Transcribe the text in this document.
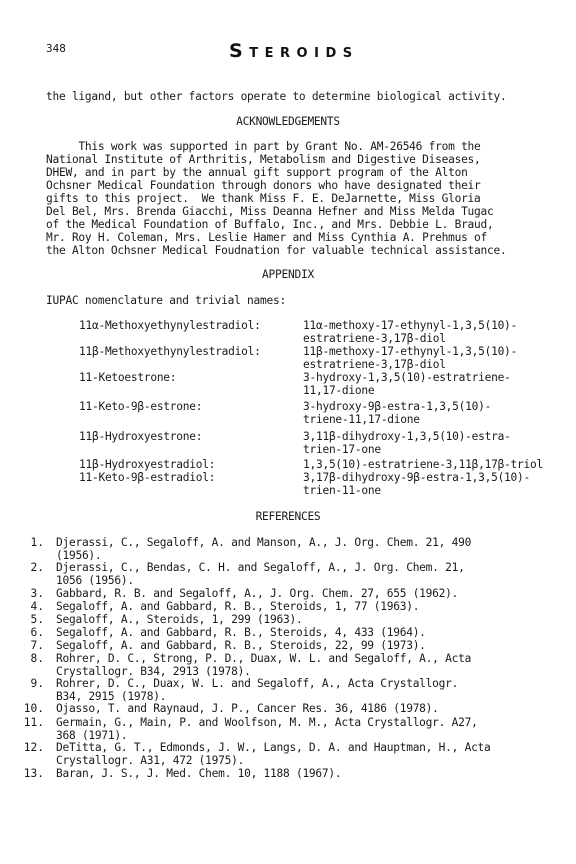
348	S T E R O I D S
the ligand, but other factors operate to determine biological activity.
ACKNOWLEDGEMENTS
This work was supported in part by Grant No. AM-26546 from the
National Institute of Arthritis, Metabolism and Digestive Diseases,
DHEW, and in part by the annual gift support program of the Alton
Ochsner Medical Foundation through donors who have designated their
gifts to this project.  We thank Miss F. E. DeJarnette, Miss Gloria
Del Bel, Mrs. Brenda Giacchi, Miss Deanna Hefner and Miss Melda Tugac
of the Medical Foundation of Buffalo, Inc., and Mrs. Debbie L. Braud,
Mr. Roy H. Coleman, Mrs. Leslie Hamer and Miss Cynthia A. Prehmus of
the Alton Ochsner Medical Foudnation for valuable technical assistance.
APPENDIX
IUPAC nomenclature and trivial names:
11α-Methoxyethynylestradiol:	11α-methoxy-17-ethynyl-1,3,5(10)-
estratriene-3,17β-diol
11β-Methoxyethynylestradiol:	11β-methoxy-17-ethynyl-1,3,5(10)-
estratriene-3,17β-diol
11-Ketoestrone:	3-hydroxy-1,3,5(10)-estratriene-
11,17-dione
11-Keto-9β-estrone:	3-hydroxy-9β-estra-1,3,5(10)-
triene-11,17-dione
11β-Hydroxyestrone:	3,11β-dihydroxy-1,3,5(10)-estra-
trien-17-one
11β-Hydroxyestradiol:	1,3,5(10)-estratriene-3,11β,17β-triol
11-Keto-9β-estradiol:	3,17β-dihydroxy-9β-estra-1,3,5(10)-
trien-11-one
REFERENCES
1. Djerassi, C., Segaloff, A. and Manson, A., J. Org. Chem. 21, 490
(1956).
2. Djerassi, C., Bendas, C. H. and Segaloff, A., J. Org. Chem. 21,
1056 (1956).
3. Gabbard, R. B. and Segaloff, A., J. Org. Chem. 27, 655 (1962).
4. Segaloff, A. and Gabbard, R. B., Steroids, 1, 77 (1963).
5. Segaloff, A., Steroids, 1, 299 (1963).
6. Segaloff, A. and Gabbard, R. B., Steroids, 4, 433 (1964).
7. Segaloff, A. and Gabbard, R. B., Steroids, 22, 99 (1973).
8. Rohrer, D. C., Strong, P. D., Duax, W. L. and Segaloff, A., Acta
Crystallogr. B34, 2913 (1978).
9. Rohrer, D. C., Duax, W. L. and Segaloff, A., Acta Crystallogr.
B34, 2915 (1978).
10. Ojasso, T. and Raynaud, J. P., Cancer Res. 36, 4186 (1978).
11. Germain, G., Main, P. and Woolfson, M. M., Acta Crystallogr. A27,
368 (1971).
12. DeTitta, G. T., Edmonds, J. W., Langs, D. A. and Hauptman, H., Acta
Crystallogr. A31, 472 (1975).
13. Baran, J. S., J. Med. Chem. 10, 1188 (1967).
